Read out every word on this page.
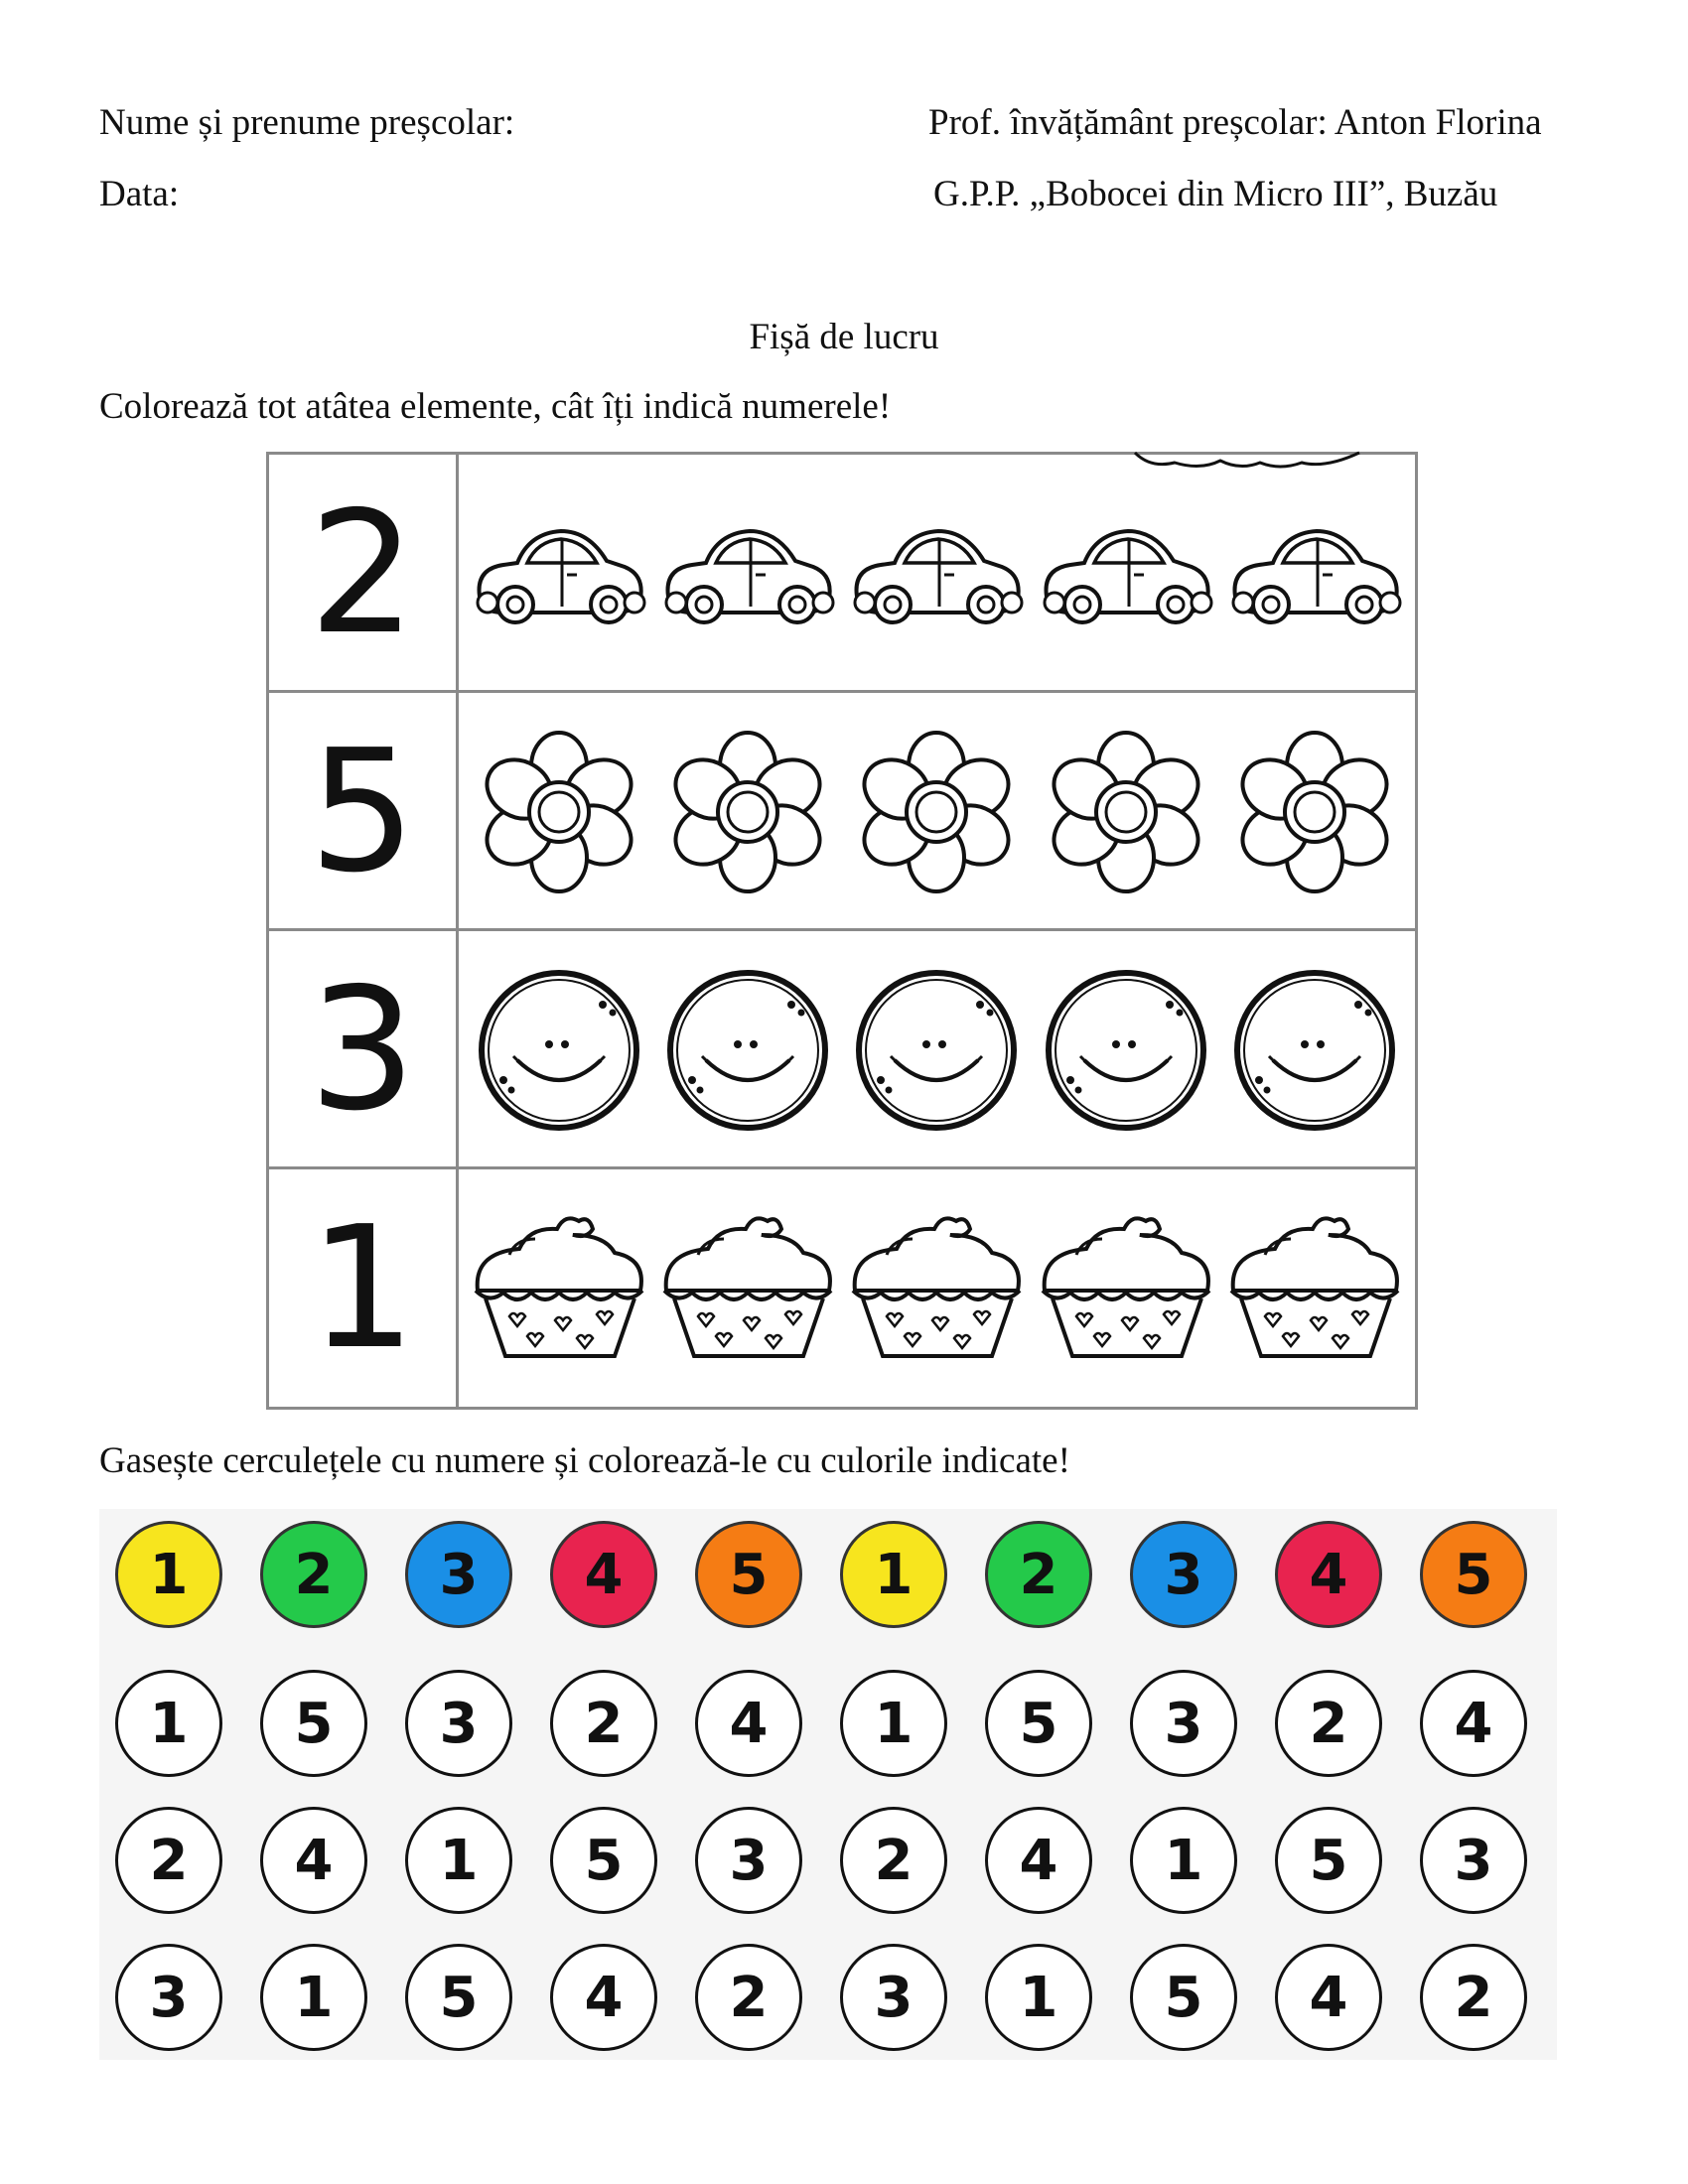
Nume și prenume preșcolar:
Data:
Prof. învățământ preșcolar: Anton Florina
G.P.P. „Bobocei din Micro III”, Buzău
Fișă de lucru
Colorează tot atâtea elemente, cât îți indică numerele!
2
5
3
1
Gasește cerculețele cu numere și colorează-le cu culorile indicate!
1	2	3	4	5	1	2	3	4	5
1	5	3	2	4	1	5	3	2	4
2	4	1	5	3	2	4	1	5	3
3	1	5	4	2	3	1	5	4	2
